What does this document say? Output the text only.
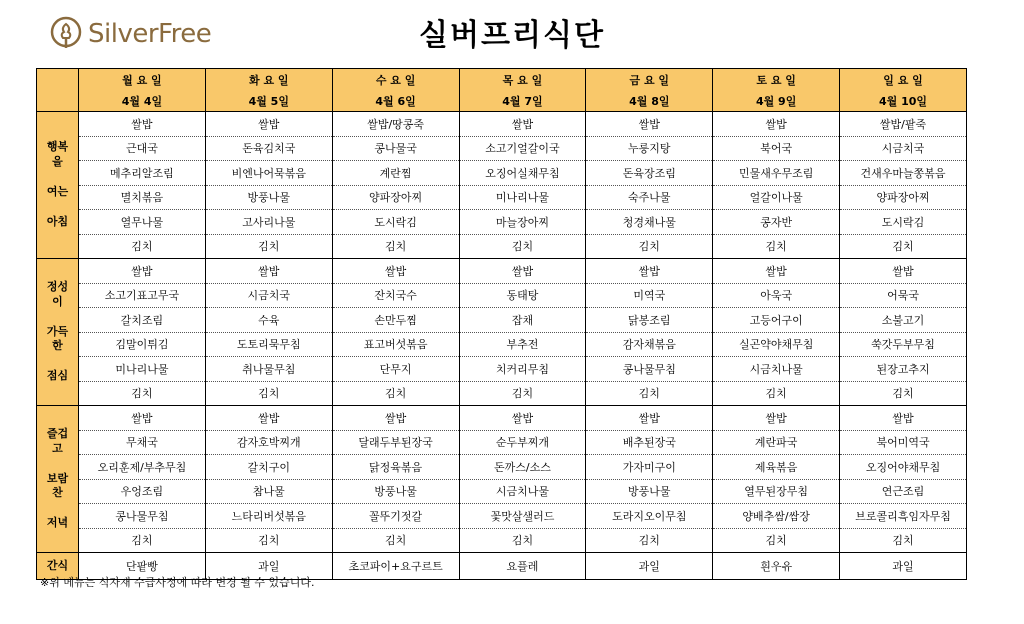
SilverFree	실버프리식단
	월 요 일	화 요 일	수 요 일	목 요 일	금 요 일	토 요 일	일 요 일
	4월 4일	4월 5일	4월 6일	4월 7일	4월 8일	4월 9일	4월 10일
행복
을

여는

아침	쌀밥	쌀밥	쌀밥/땅콩죽	쌀밥	쌀밥	쌀밥	쌀밥/팥죽
	근대국	돈육김치국	콩나물국	소고기얼갈이국	누룽지탕	북어국	시금치국
	메추리알조림	비엔나어묵볶음	계란찜	오징어실채무침	돈육장조림	민물새우무조림	건새우마늘쫑볶음
	멸치볶음	방풍나물	양파장아찌	미나리나물	숙주나물	얼갈이나물	양파장아찌
	열무나물	고사리나물	도시락김	마늘장아찌	청경채나물	콩자반	도시락김
	김치	김치	김치	김치	김치	김치	김치
정성
이

가득
한

점심	쌀밥	쌀밥	쌀밥	쌀밥	쌀밥	쌀밥	쌀밥
	소고기표고무국	시금치국	잔치국수	동태탕	미역국	아욱국	어묵국
	갈치조림	수육	손만두찜	잡채	닭봉조림	고등어구이	소불고기
	김말이튀김	도토리묵무침	표고버섯볶음	부추전	감자채볶음	실곤약야채무침	쑥갓두부무침
	미나리나물	취나물무침	단무지	치커리무침	콩나물무침	시금치나물	된장고추지
	김치	김치	김치	김치	김치	김치	김치
즐겁
고

보람
찬

저녁	쌀밥	쌀밥	쌀밥	쌀밥	쌀밥	쌀밥	쌀밥
	무채국	감자호박찌개	달래두부된장국	순두부찌개	배추된장국	계란파국	북어미역국
	오리훈제/부추무침	갈치구이	닭정육볶음	돈까스/소스	가자미구이	제육볶음	오징어야채무침
	우엉조림	참나물	방풍나물	시금치나물	방풍나물	열무된장무침	연근조림
	콩나물무침	느타리버섯볶음	꼴뚜기젓갈	꽃맛살샐러드	도라지오이무침	양배추쌈/쌈장	브로콜리흑임자무침
	김치	김치	김치	김치	김치	김치	김치
간식	단팥빵	과일	초코파이+요구르트	요플레	과일	흰우유	과일
※위 메뉴는 식자재 수급사정에 따라 변경 될 수 있습니다.
